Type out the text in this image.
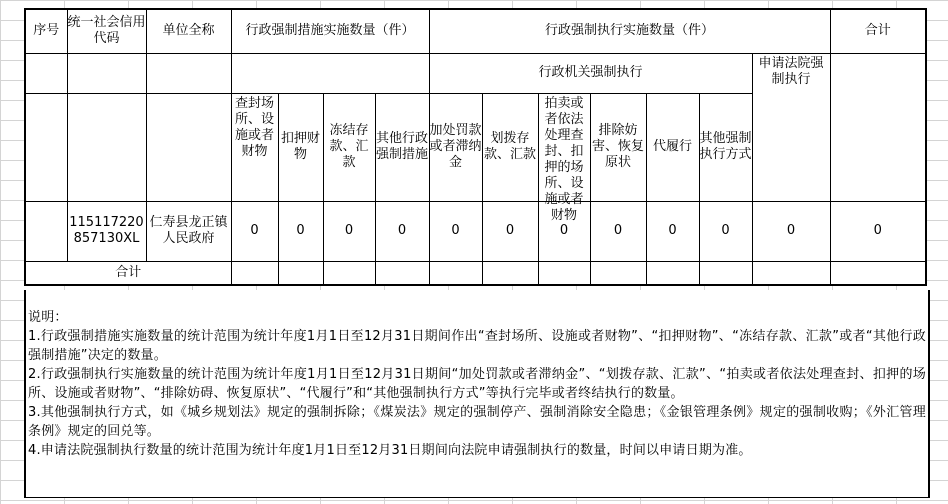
序号	统一社会信用代码	单位全称	行政强制措施实施数量（件）				行政强制执行实施数量（件）							合计
							行政机关强制执行						申请法院强制执行	

			查封场所、设施或者财物	扣押财物	冻结存款、汇款	其他行政强制措施	加处罚款或者滞纳金	划拨存款、汇款	拍卖或者依法处理查封、扣押的场所、设施或者财物	排除妨害、恢复原状	代履行	其他强制执行方式		
	115117220857130XL	仁寿县龙正镇人民政府	0	0	0	0	0	0	0	0	0	0	0	0
合计														

说明：

1.行政强制措施实施数量的统计范围为统计年度1月1日至12月31日期间作出“查封场所、设施或者财物”、“扣押财物”、“冻结存款、汇款”或者“其他行政强制措施”决定的数量。

2.行政强制执行实施数量的统计范围为统计年度1月1日至12月31日期间“加处罚款或者滞纳金”、“划拨存款、汇款”、“拍卖或者依法处理查封、扣押的场所、设施或者财物”、“排除妨碍、恢复原状”、“代履行”和“其他强制执行方式”等执行完毕或者终结执行的数量。

3.其他强制执行方式，如《城乡规划法》规定的强制拆除；《煤炭法》规定的强制停产、强制消除安全隐患；《金银管理条例》规定的强制收购；《外汇管理条例》规定的回兑等。

4.申请法院强制执行数量的统计范围为统计年度1月1日至12月31日期间向法院申请强制执行的数量，时间以申请日期为准。
